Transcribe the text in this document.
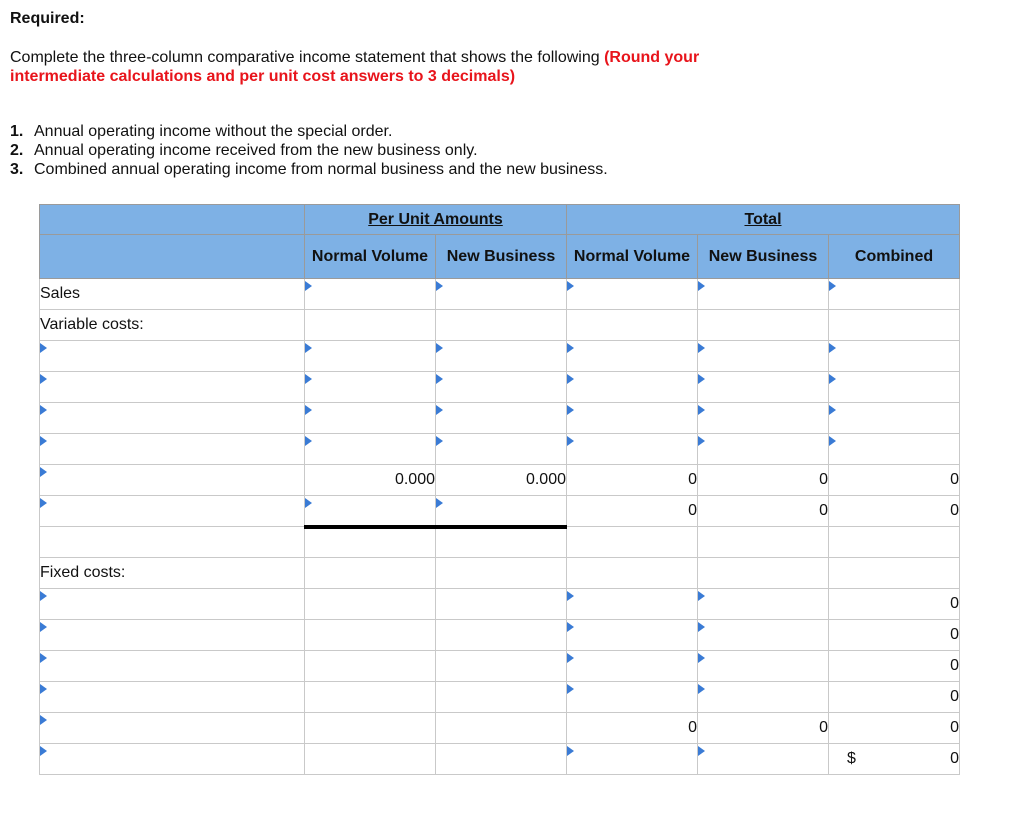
Required:
Complete the three-column comparative income statement that shows the following (Round your intermediate calculations and per unit cost answers to 3 decimals)
1. Annual operating income without the special order.
2. Annual operating income received from the new business only.
3. Combined annual operating income from normal business and the new business.
	Per Unit Amounts		Total		
	Normal Volume	New Business	Normal Volume	New Business	Combined
Sales					
Variable costs:					

	0.000	0.000	0	0	0
			0	0	0

Fixed costs:					
					0
					0
					0
					0
			0	0	0

					$ 0
